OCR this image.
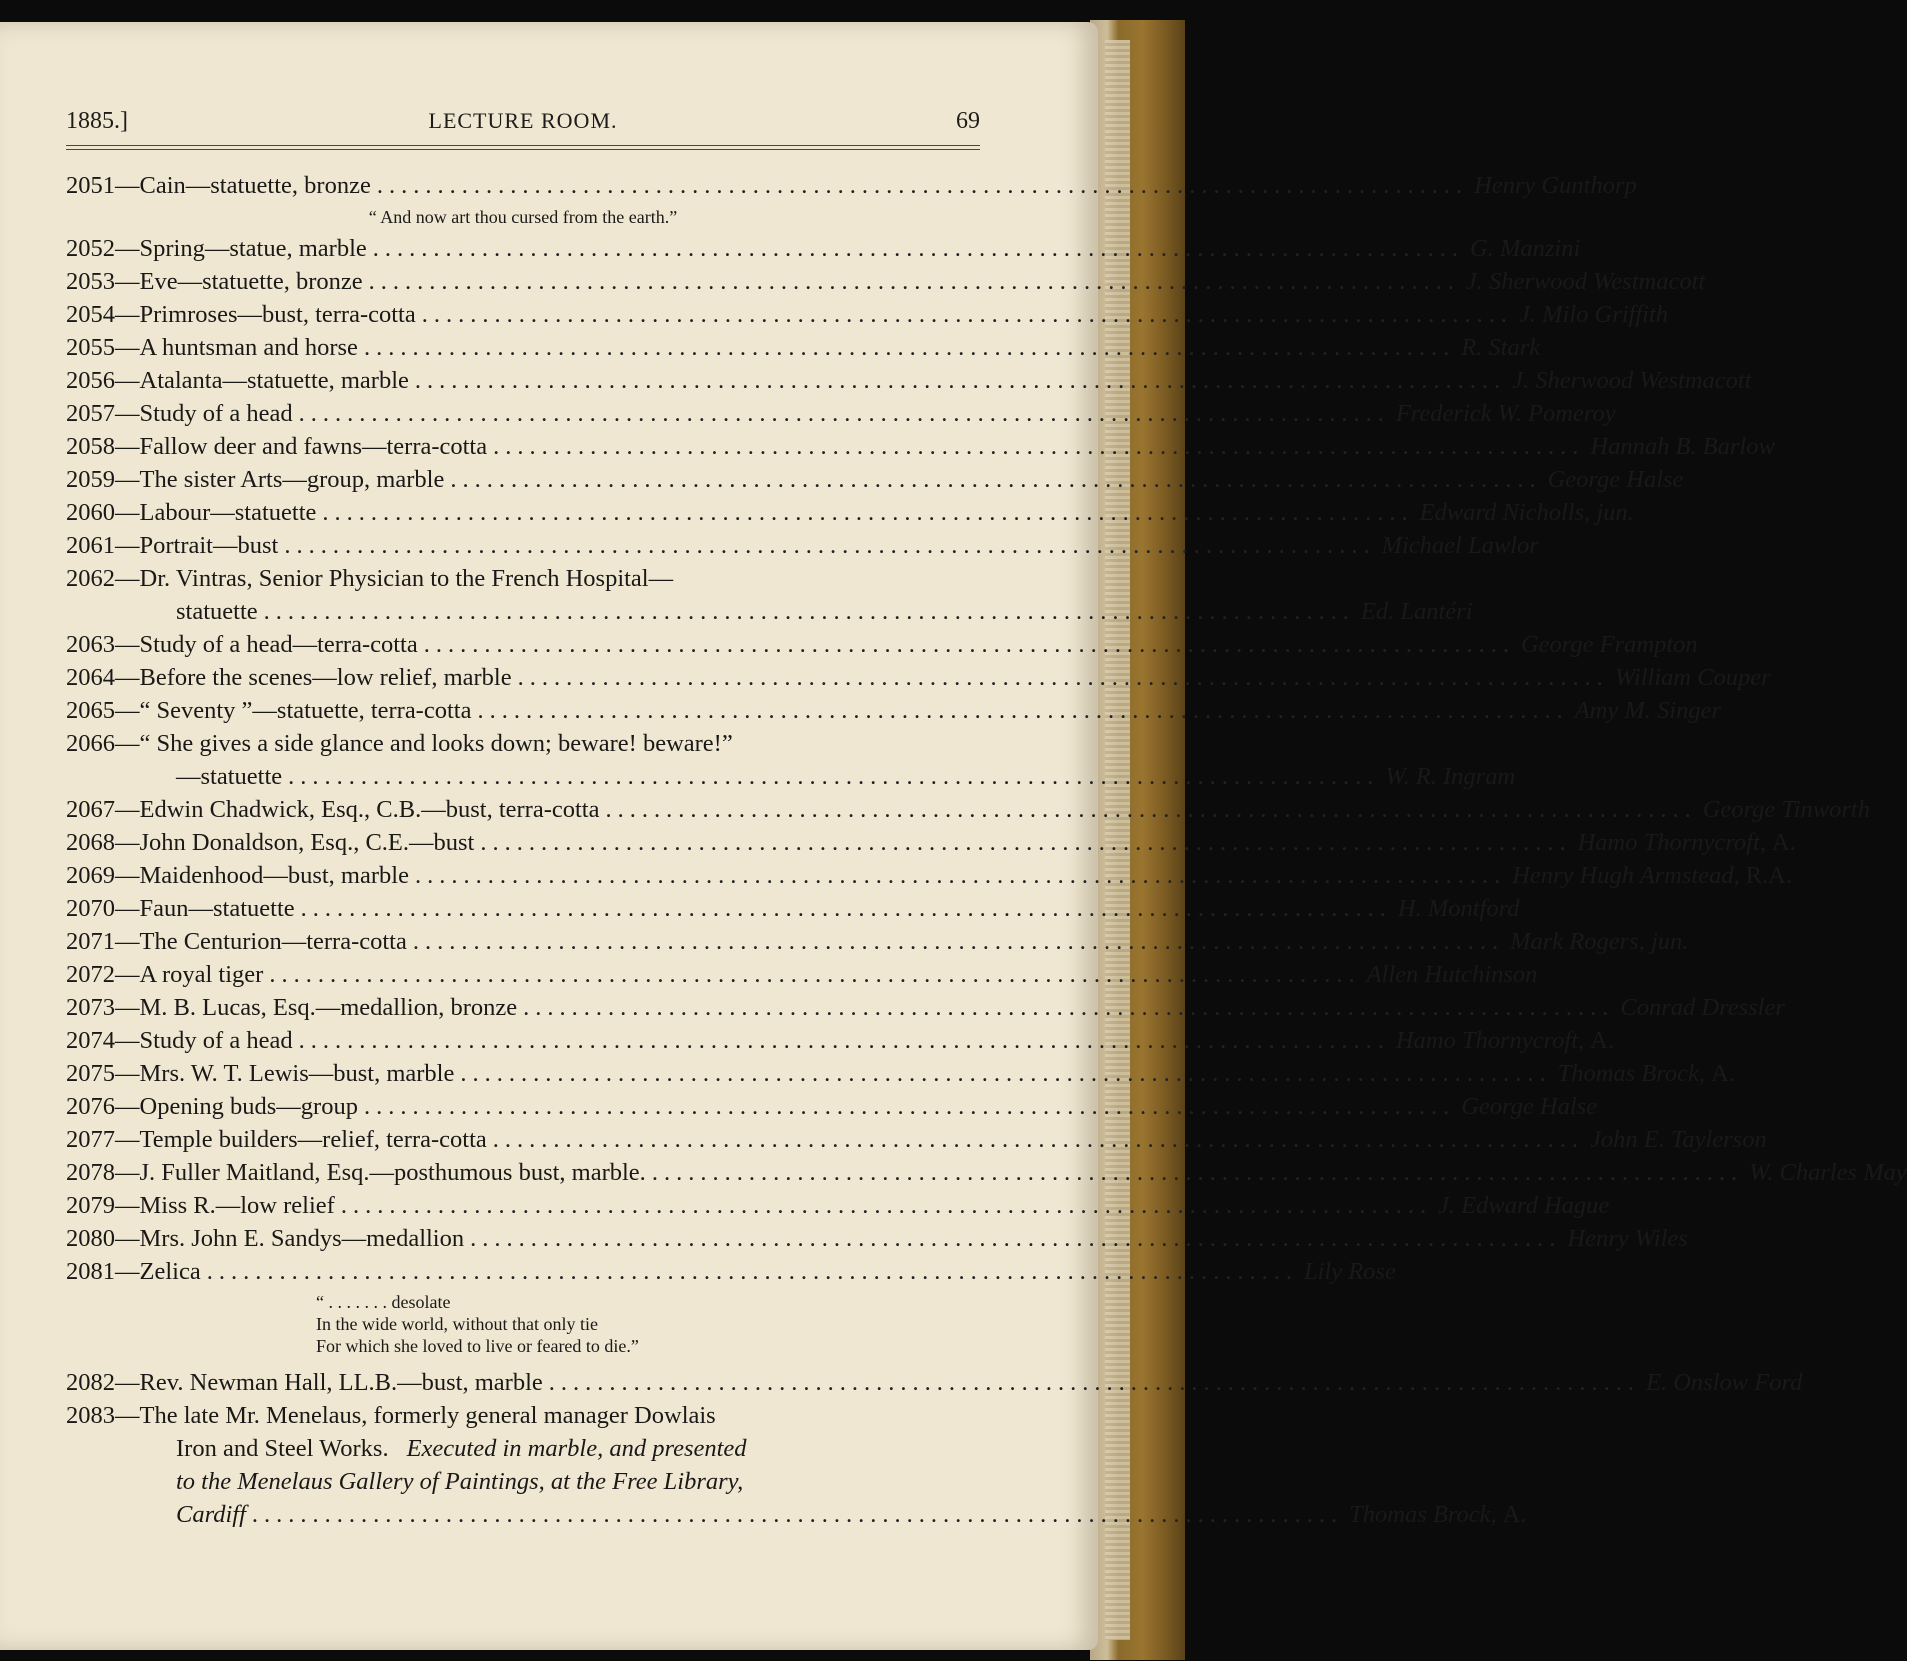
1885.]	LECTURE ROOM.	69
2051 —Cain—statuette, bronze .......................................................................................... Henry Gunthorp
“ And now art thou cursed from the earth.”
2052 —Spring—statue, marble .......................................................................................... G. Manzini
2053 —Eve—statuette, bronze .......................................................................................... J. Sherwood Westmacott
2054 —Primroses—bust, terra-cotta .......................................................................................... J. Milo Griffith
2055 —A huntsman and horse .......................................................................................... R. Stark
2056 —Atalanta—statuette, marble .......................................................................................... J. Sherwood Westmacott
2057 —Study of a head .......................................................................................... Frederick W. Pomeroy
2058 —Fallow deer and fawns—terra-cotta .......................................................................................... Hannah B. Barlow
2059 —The sister Arts—group, marble .......................................................................................... George Halse
2060 —Labour—statuette .......................................................................................... Edward Nicholls, jun.
2061 —Portrait—bust .......................................................................................... Michael Lawlor
2062 —Dr. Vintras, Senior Physician to the French Hospital—
statuette .......................................................................................... Ed. Lantéri
2063 —Study of a head—terra-cotta .......................................................................................... George Frampton
2064 —Before the scenes—low relief, marble .......................................................................................... William Couper
2065 —“ Seventy ”—statuette, terra-cotta .......................................................................................... Amy M. Singer
2066 —“ She gives a side glance and looks down; beware! beware!”
—statuette .......................................................................................... W. R. Ingram
2067 —Edwin Chadwick, Esq., C.B.—bust, terra-cotta .......................................................................................... George Tinworth
2068 —John Donaldson, Esq., C.E.—bust .......................................................................................... Hamo Thornycroft, A.
2069 —Maidenhood—bust, marble .......................................................................................... Henry Hugh Armstead, R.A.
2070 —Faun—statuette .......................................................................................... H. Montford
2071 —The Centurion—terra-cotta .......................................................................................... Mark Rogers, jun.
2072 —A royal tiger .......................................................................................... Allen Hutchinson
2073 —M. B. Lucas, Esq.—medallion, bronze .......................................................................................... Conrad Dressler
2074 —Study of a head .......................................................................................... Hamo Thornycroft, A.
2075 —Mrs. W. T. Lewis—bust, marble .......................................................................................... Thomas Brock, A.
2076 —Opening buds—group .......................................................................................... George Halse
2077 —Temple builders—relief, terra-cotta .......................................................................................... John E. Taylerson
2078 —J. Fuller Maitland, Esq.—posthumous bust, marble. .......................................................................................... W. Charles May
2079 —Miss R.—low relief .......................................................................................... J. Edward Hague
2080 —Mrs. John E. Sandys—medallion .......................................................................................... Henry Wiles
2081 —Zelica .......................................................................................... Lily Rose
“ . . . . . . . desolate
In the wide world, without that only tie
For which she loved to live or feared to die.”
2082 —Rev. Newman Hall, LL.B.—bust, marble .......................................................................................... E. Onslow Ford
2083 —The late Mr. Menelaus, formerly general manager Dowlais
Iron and Steel Works. Executed in marble, and presented
to the Menelaus Gallery of Paintings, at the Free Library,
Cardiff .......................................................................................... Thomas Brock, A.
